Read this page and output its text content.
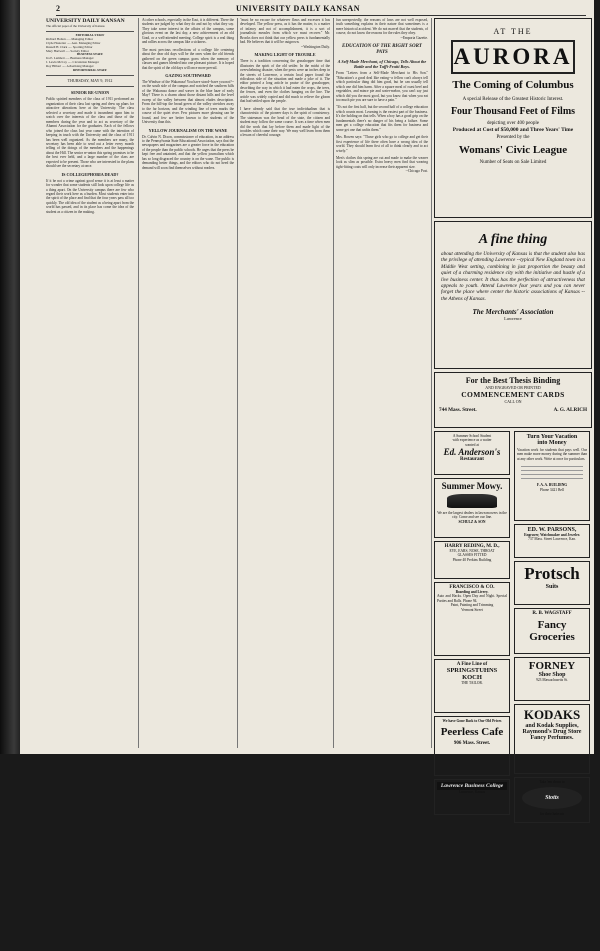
2	UNIVERSITY DAILY KANSAN
UNIVERSITY DAILY KANSAN
The official paper of the University of Kansas
EDITORIAL STAFF
Richard Holton ..... Managing Editor
Clyde Hostetter ..... Asst. Managing Editor
Russell H. Clark ..... Sporting Editor
Mary Hartwell ..... Society Editor
BUSINESS STAFF
Ira E. Lambert ..... Business Manager
J. Lewis McCoy ..... Circulation Manager
Roy Hilbert ..... Advertising Manager
REPORTORIAL STAFF
THURSDAY, MAY 9, 1912
SENIOR RE-UNION
Public spirited members of the class of 1911 performed an organization of their class last spring and drew up plans for attractive alterations here at the University. The class selected a secretary and made it incumbent upon him to watch over the interests of the class and those of the members during the year and to act as secretary of the Alumni Association for the graduates. Each of the fellows who joined the class last year came with the intention of keeping in touch with the University and the class of 1911 has been well organized. As the members are many, the secretary has been able to send out a letter every month telling of the doings of the members and the happenings about the Hill. The senior re-union this spring promises to be the best ever held, and a large number of the class are expected to be present. Those who are interested in the plans should see the secretary at once.
IS COLLEGEPHOBIA DEAD?
If it be not a crime against good sense it is at least a matter for wonder that some students still look upon college life as a thing apart. On the University campus there are few who regard their work here as a burden. Most students enter into the spirit of the place and find that the four years pass all too quickly. The old idea of the student as a being apart from the world has passed, and in its place has come the idea of the student as a citizen in the making.
At other schools, especially in the East, it is different. There the students are judged by what they do and not by what they say. They take some interest in the affairs of the campus, some glorious event on the last day, a new achievement of an old Grad, or a well-attended meeting. College spirit is a real thing and rallies across the campus like a sickness.
The most precious recollections of a college life centering about the dear old days will be the ones when the old friends gathered on the green campus grass when the memory of classes and games blended into one pleasant picture. It is hoped that the spirit of the old days will once more prevail.
GAZING SOUTHWARD
The Windsor of the Wakarusa! You have stood--have you not?--on the south side of the campus and watched the southern hills of the Wakarusa dance and waver in the blue haze of early May? There is a charm about those distant hills and the level sweep of the valley between that almost eludes description. From the hill-top the broad green of the valley stretches away to the far horizon, and the winding line of trees marks the course of the quiet river. Few pictures more pleasing can be found, and few are better known to the students of the University than this.
YELLOW JOURNALISM ON THE WANE
Dr. Calvin N. Dixon, commissioner of education, in an address to the Pennsylvania State Educational Association, says that the newspapers and magazines are a greater force in the education of the people than the public schools. He urges that the press be kept free and untainted, and that the yellow journalism which has so long disgraced the country is on the wane. The public is demanding better things, and the editors who do not heed the demand will soon find themselves without readers.
"must be no excuse for whatever flaws and excesses it has developed. The yellow press, as it has the matter, is a matter of infancy and not of accomplishment, it is a sort of journalistic measles from which we must recover." Mr. Brooks does not think that our yellow press is fundamentally bad. He believes that it will be outgrown.
--Washington Daily.
MAKING LIGHT OF TROUBLE
There is a tradition concerning the grasshopper time that illustrates the spirit of the old settler. In the midst of the overwhelming disaster, when the pests were an inches deep in the streets of Lawrence, a certain local paper found the ridiculous side of the situation and made a joke of it. The editor printed a long article in praise of the grasshopper, describing the way in which it had eaten the crops, the trees, the fences, and even the clothes hanging on the line. The article was widely copied and did much to relieve the gloom that had settled upon the people.
I have already said that the true individualism that is characteristic of the pioneer days is the spirit of consistency. The statesman was the head of the state, the citizen and student may follow the same course. It was a time when men did the work that lay before them and made light of the troubles which came their way. We may well learn from them a lesson of cheerful courage.
fun unexpectedly, the reasons of laws are not well exposed, truth something explains in their nature that sometimes is a mere historical accident. We do not marvel that the students, of course, do not know the reasons for the rules they obey.
--Emporia Gazette.
EDUCATION OF THE RIGHT SORT PAYS
A Self-Made Merchant, of Chicago, Tells About the Battle and the Tuffi-Fruiti Boys.
From "Letters from a Self-Made Merchant to His Son." "Education's a good deal like eating--a fellow can't always tell which particular thing did him good, but he can usually tell which one did him harm. After a square meal of roast beef and vegetables, and mince pie and water-melon, you can't say just which did you the most good, but you know that when you eat too much pie you are sure to have a pain."
"It's not the first half, but the second half of a college education which counts most. Learning is the easiest part of the business. It's the holding on that tells. When a boy has a good grip on the fundamentals there's no danger of his being a failure. Some men get a college education that fits them for business and some get one that unfits them."
Mrs. Bowen says: "Those girls who go to college and get their first experience of life there often have a wrong idea of the world. They should learn first of all to think clearly and to act wisely."
Men's clothes this spring are cut and made to make the wearer look as slim as possible. Extra heavy men find that wearing tight-fitting coats will only increase their apparent size.
--Chicago Post.
AT THE
AURORA
The Coming of Columbus
A special Release of the Greatest Historic Interest.
Four Thousand Feet of Films
depicting over 400 people
Produced at Cost of $50,000 and Three Years' Time
Presented by the
Womans' Civic League
Number of Seats on Sale Limited
A fine thing
about attending the University of Kansas is that the student also has the privilege of attending Lawrence --typical New England town in a Middle West setting, combining in just proportion the beauty and quiet of a charming residence city with the initiative and hustle of a live business center. It thus has the perfection of attractiveness that appeals to youth. Attend Lawrence four years and you can never forget the place where center the historic associations of Kansas --the Athens of Kansas.
The Merchants' Association
Lawrence
For the Best Thesis Binding
AND ENGRAVED OR PRINTED
COMMENCEMENT CARDS
CALL ON
744 Mass. Street.	A. G. ALRICH
A Summer School Student
with experience as a waiter
wanted at
Ed. Anderson's
Restaurant
Turn Your Vacation
into Money
Vacation work for students that pays well. Our men make more money during the summer than at any other work. Write at once for particulars.
F. A. A. BUILDING
Phone 3421 Bell
Summer Mowy.
We are the largest dealers in lawn mowers in the city. Come and see our line.
SCHULZ & SON
ED. W. PARSONS,
Engraver, Watchmaker and Jeweler.
737 Mass. Street Lawrence, Kan.
HARRY REDING, M. D.,
EYE, EARS, NOSE, THROAT
GLASSES FITTED
Phone 40 Perkins Building
Protsch
Suits
FRANCISCO & CO.
Boarding and Livery.
Auto and Hacks. Open Day and Night. Special Parties and Balls. Phone 94.
Paint, Painting and Trimming
Vermont Street
R. B. WAGSTAFF
Fancy Groceries
FORNEY
Shoe Shop
923 Massachusetts St.
A Fine Line of
SPRINGSTUHNS
KOCH
THE TAILOR.
KODAKS
and Kodak Supplies,
Raymond's Drug Store
Fancy Perfumes.
We have Gone Back to Our Old Prices
Peerless Cafe
906 Mass. Street.
Lawrence Business College
Lawrence, Kansas
Take 'em down to
Stotts
for their haircuts
